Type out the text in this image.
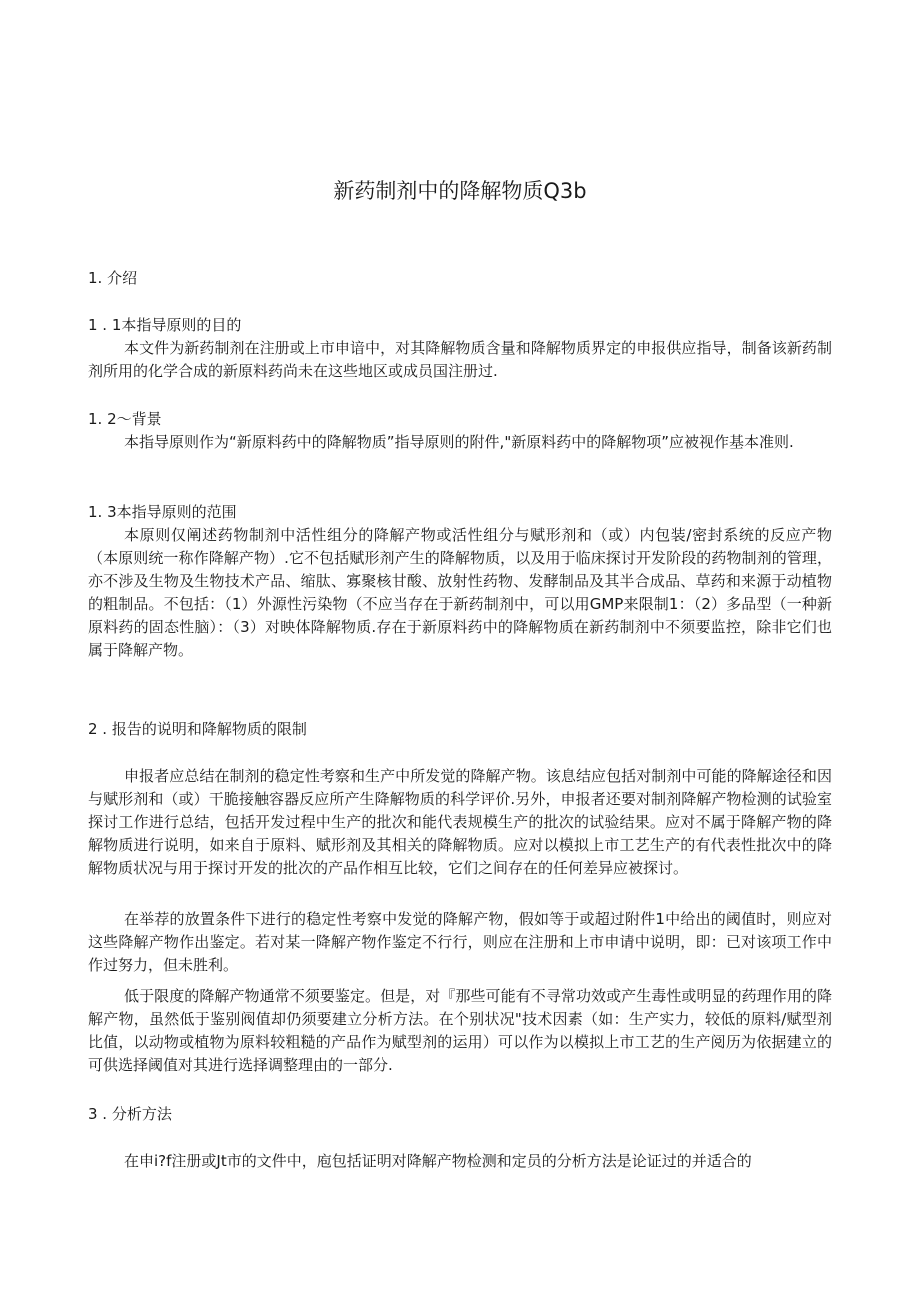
新药制剂中的降解物质Q3b
1. 介绍
1 . 1本指导原则的目的
本文件为新药制剂在注册或上市申谙中，对其降解物质含量和降解物质界定的申报供应指导，制备该新药制剂所用的化学合成的新原料药尚未在这些地区或成员国注册过.
1. 2～背景
本指导原则作为“新原料药中的降解物质”指导原则的附件,"新原料药中的降解物项”应被视作基本准则.
1. 3本指导原则的范围
本原则仅阐述药物制剂中活性组分的降解产物或活性组分与赋形剂和（或）内包装/密封系统的反应产物（本原则统一称作降解产物）.它不包括赋形剂产生的降解物质，以及用于临床探讨开发阶段的药物制剂的管理，亦不涉及生物及生物技术产品、缩肽、寡聚核甘酸、放射性药物、发酵制品及其半合成品、草药和来源于动植物的粗制品。不包括：（1）外源性污染物（不应当存在于新药制剂中，可以用GMP来限制1：（2）多品型（一种新原料药的固态性脑）：（3）对映体降解物质.存在于新原料药中的降解物质在新药制剂中不须要监控，除非它们也属于降解产物。
2 . 报告的说明和降解物质的限制
申报者应总结在制剂的稳定性考察和生产中所发觉的降解产物。该息结应包括对制剂中可能的降解途径和因与赋形剂和（或）干脆接触容器反应所产生降解物质的科学评价.另外，申报者还要对制剂降解产物检测的试验室探讨工作进行总结，包括开发过程中生产的批次和能代表规模生产的批次的试验结果。应对不属于降解产物的降解物质进行说明，如来自于原料、赋形剂及其相关的降解物质。应对以模拟上市工艺生产的有代表性批次中的降解物质状况与用于探讨开发的批次的产品作相互比较，它们之间存在的任何差异应被探讨。
在举荐的放置条件下进行的稳定性考察中发觉的降解产物，假如等于或超过附件1中给出的阈值时，则应对这些降解产物作出鉴定。若对某一降解产物作鉴定不行行，则应在注册和上市申请中说明，即：已对该项工作中作过努力，但未胜利。
低于限度的降解产物通常不须要鉴定。但是，对『那些可能有不寻常功效或产生毒性或明显的药理作用的降解产物，虽然低于鉴别阀值却仍须要建立分析方法。在个别状况"技术因素（如：生产实力，较低的原料/赋型剂比值，以动物或植物为原料较粗糙的产品作为赋型剂的运用）可以作为以模拟上市工艺的生产阅历为依据建立的可供选择阈值对其进行选择调整理由的一部分.
3 . 分析方法
在申i?f注册或Jt市的文件中，庖包括证明对降解产物检测和定员的分析方法是论证过的并适合的
